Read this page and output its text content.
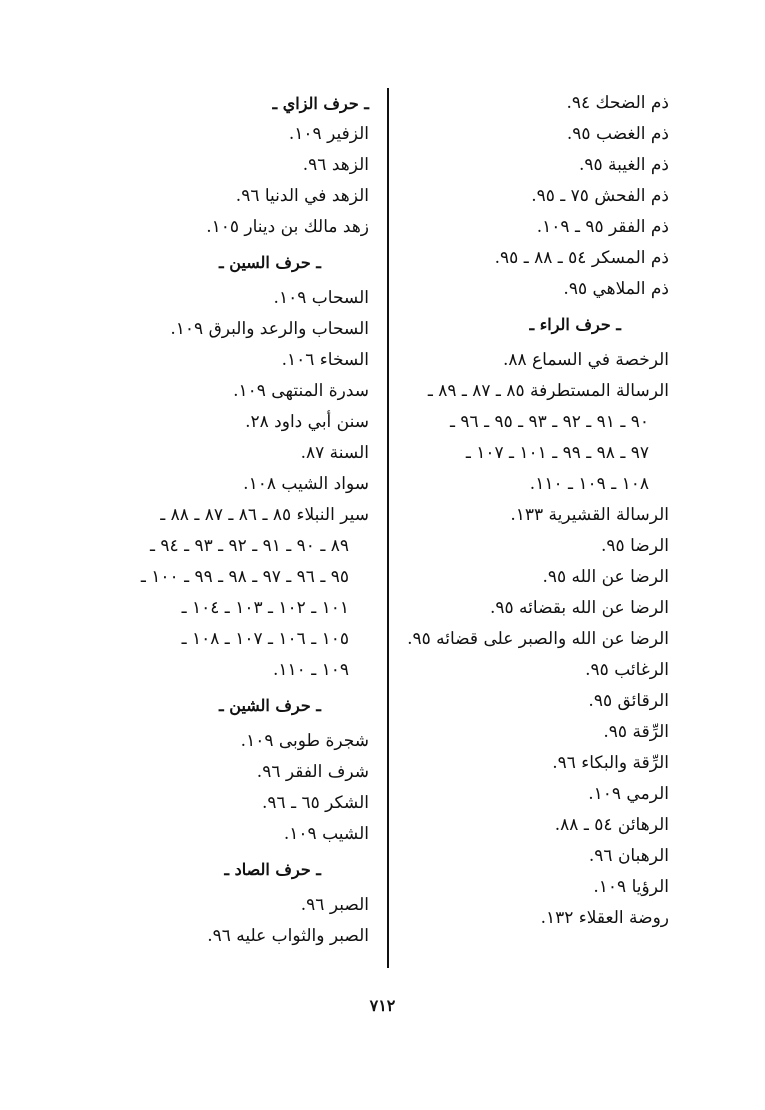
ذم الضحك ٩٤.
ذم الغضب ٩٥.
ذم الغيبة ٩٥.
ذم الفحش ٧٥ ـ ٩٥.
ذم الفقر ٩٥ ـ ١٠٩.
ذم المسكر ٥٤ ـ ٨٨ ـ ٩٥.
ذم الملاهي ٩٥.
ـ حرف الراء ـ
الرخصة في السماع ٨٨.
الرسالة المستطرفة ٨٥ ـ ٨٧ ـ ٨٩ ـ
٩٠ ـ ٩١ ـ ٩٢ ـ ٩٣ ـ ٩٥ ـ ٩٦ ـ
٩٧ ـ ٩٨ ـ ٩٩ ـ ١٠١ ـ ١٠٧ ـ
١٠٨ ـ ١٠٩ ـ ١١٠.
الرسالة القشيرية ١٣٣.
الرضا ٩٥.
الرضا عن الله ٩٥.
الرضا عن الله بقضائه ٩٥.
الرضا عن الله والصبر على قضائه ٩٥.
الرغائب ٩٥.
الرقائق ٩٥.
الرِّقة ٩٥.
الرِّقة والبكاء ٩٦.
الرمي ١٠٩.
الرهائن ٥٤ ـ ٨٨.
الرهبان ٩٦.
الرؤيا ١٠٩.
روضة العقلاء ١٣٢.
ـ حرف الزاي ـ
الزفير ١٠٩.
الزهد ٩٦.
الزهد في الدنيا ٩٦.
زهد مالك بن دينار ١٠٥.
ـ حرف السين ـ
السحاب ١٠٩.
السحاب والرعد والبرق ١٠٩.
السخاء ١٠٦.
سدرة المنتهى ١٠٩.
سنن أبي داود ٢٨.
السنة ٨٧.
سواد الشيب ١٠٨.
سير النبلاء ٨٥ ـ ٨٦ ـ ٨٧ ـ ٨٨ ـ
٨٩ ـ ٩٠ ـ ٩١ ـ ٩٢ ـ ٩٣ ـ ٩٤ ـ
٩٥ ـ ٩٦ ـ ٩٧ ـ ٩٨ ـ ٩٩ ـ ١٠٠ ـ
١٠١ ـ ١٠٢ ـ ١٠٣ ـ ١٠٤ ـ
١٠٥ ـ ١٠٦ ـ ١٠٧ ـ ١٠٨ ـ
١٠٩ ـ ١١٠.
ـ حرف الشين ـ
شجرة طوبى ١٠٩.
شرف الفقر ٩٦.
الشكر ٦٥ ـ ٩٦.
الشيب ١٠٩.
ـ حرف الصاد ـ
الصبر ٩٦.
الصبر والثواب عليه ٩٦.
٧١٢
